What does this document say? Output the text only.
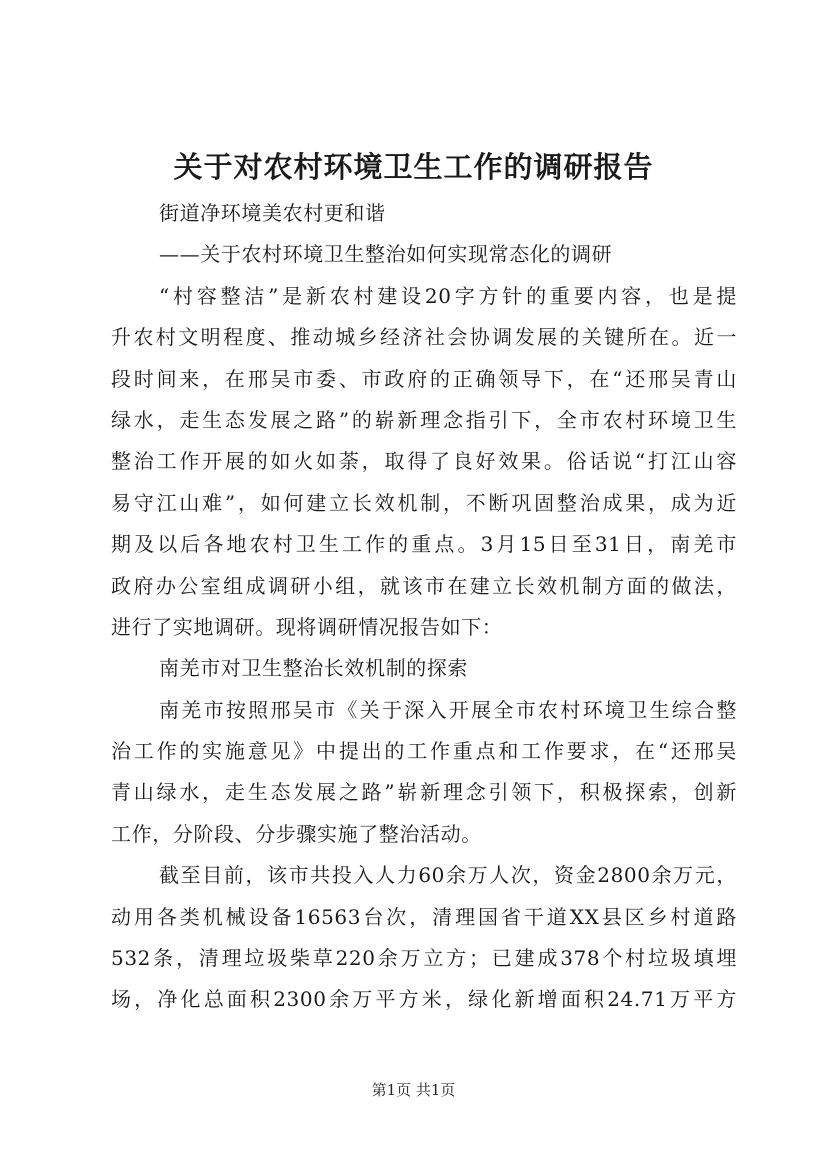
关于对农村环境卫生工作的调研报告
街道净环境美农村更和谐
——关于农村环境卫生整治如何实现常态化的调研
“村容整洁”是新农村建设20字方针的重要内容，也是提
升农村文明程度、推动城乡经济社会协调发展的关键所在。近一
段时间来，在邢吴市委、市政府的正确领导下，在“还邢吴青山
绿水，走生态发展之路”的崭新理念指引下，全市农村环境卫生
整治工作开展的如火如荼，取得了良好效果。俗话说“打江山容
易守江山难”，如何建立长效机制，不断巩固整治成果，成为近
期及以后各地农村卫生工作的重点。3月15日至31日，南羌市
政府办公室组成调研小组，就该市在建立长效机制方面的做法，
进行了实地调研。现将调研情况报告如下：
南羌市对卫生整治长效机制的探索
南羌市按照邢吴市《关于深入开展全市农村环境卫生综合整
治工作的实施意见》中提出的工作重点和工作要求，在“还邢吴
青山绿水，走生态发展之路”崭新理念引领下，积极探索，创新
工作，分阶段、分步骤实施了整治活动。
截至目前，该市共投入人力60余万人次，资金2800余万元，
动用各类机械设备16563台次，清理国省干道XX县区乡村道路
532条，清理垃圾柴草220余万立方；已建成378个村垃圾填埋
场，净化总面积2300余万平方米，绿化新增面积24.71万平方
第1页 共1页
